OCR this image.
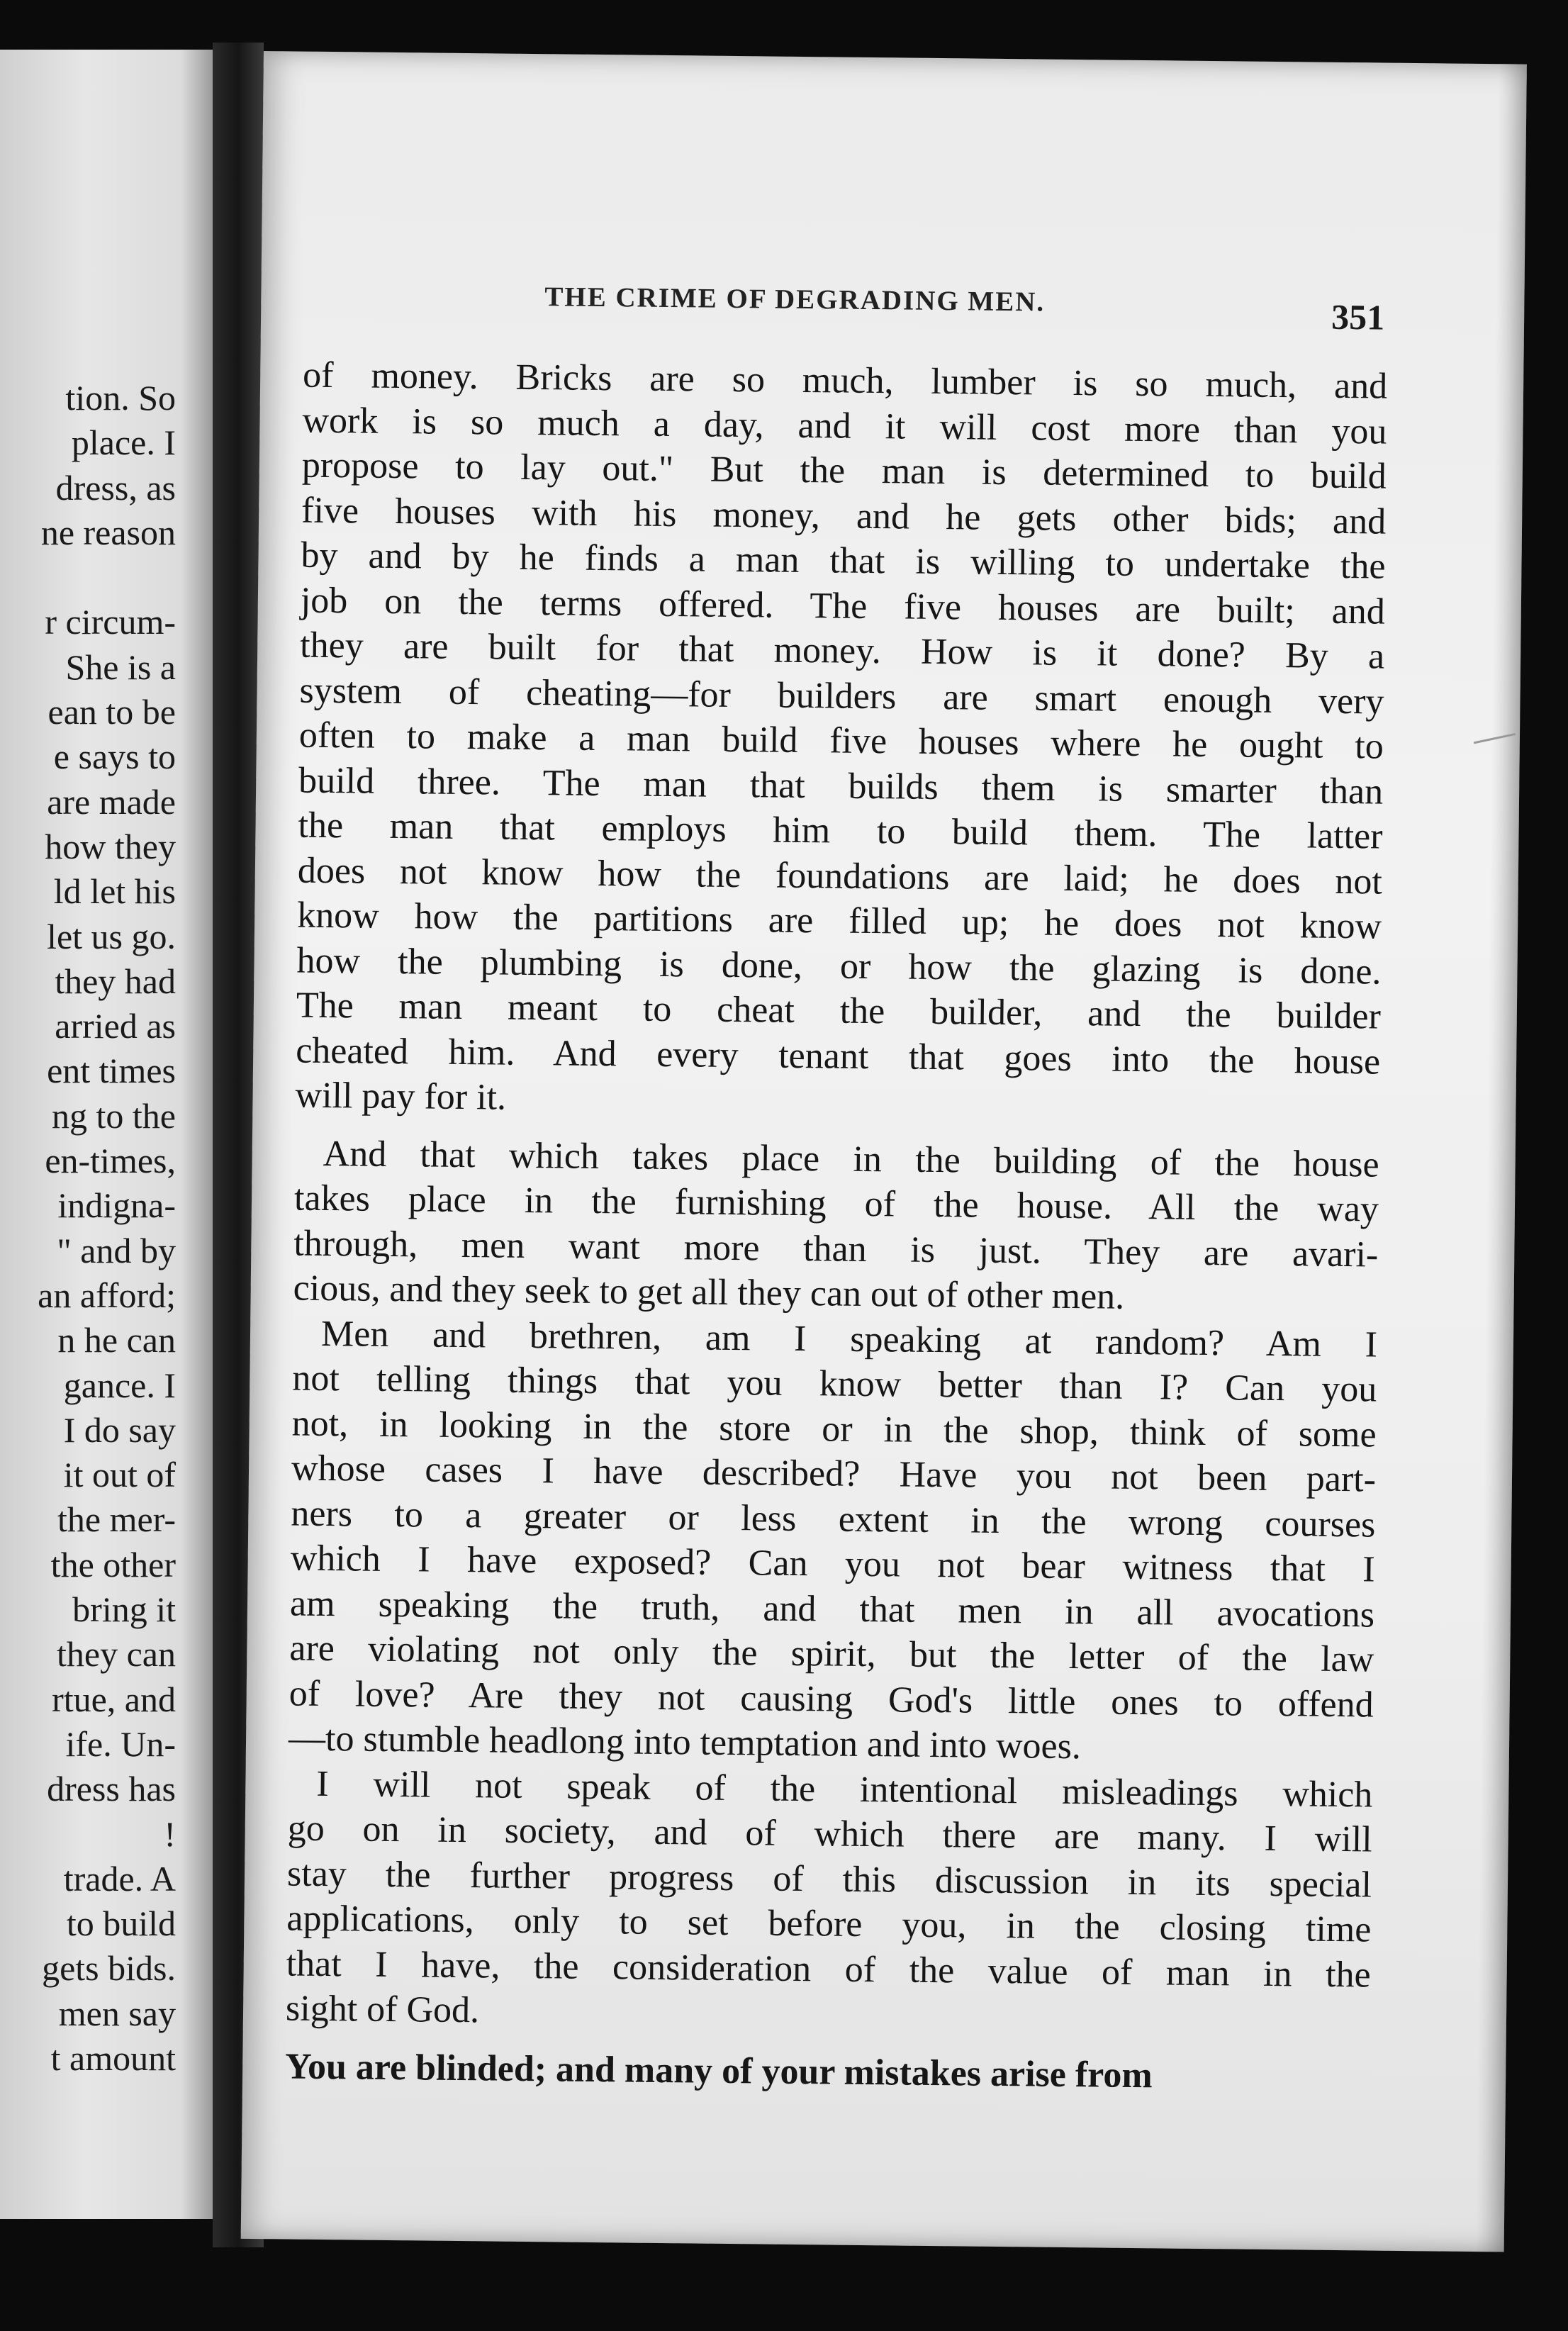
tion. So
place. I
dress, as
ne reason
r circum-
She is a
ean to be
e says to
are made
how they
ld let his
let us go.
they had
arried as
ent times
ng to the
en-times,
indigna-
" and by
an afford;
n he can
gance. I
I do say
it out of
the mer-
the other
bring it
they can
rtue, and
ife. Un-
dress has
!
trade. A
to build
gets bids.
men say
t amount
THE CRIME OF DEGRADING MEN.	351
of money. Bricks are so much, lumber is so much, and
work is so much a day, and it will cost more than you
propose to lay out." But the man is determined to build
five houses with his money, and he gets other bids; and
by and by he finds a man that is willing to undertake the
job on the terms offered. The five houses are built; and
they are built for that money. How is it done? By a
system of cheating—for builders are smart enough very
often to make a man build five houses where he ought to
build three. The man that builds them is smarter than
the man that employs him to build them. The latter
does not know how the foundations are laid; he does not
know how the partitions are filled up; he does not know
how the plumbing is done, or how the glazing is done.
The man meant to cheat the builder, and the builder
cheated him. And every tenant that goes into the house
will pay for it.
And that which takes place in the building of the house
takes place in the furnishing of the house. All the way
through, men want more than is just. They are avari-
cious, and they seek to get all they can out of other men.
Men and brethren, am I speaking at random? Am I
not telling things that you know better than I? Can you
not, in looking in the store or in the shop, think of some
whose cases I have described? Have you not been part-
ners to a greater or less extent in the wrong courses
which I have exposed? Can you not bear witness that I
am speaking the truth, and that men in all avocations
are violating not only the spirit, but the letter of the law
of love? Are they not causing God's little ones to offend
—to stumble headlong into temptation and into woes.
I will not speak of the intentional misleadings which
go on in society, and of which there are many. I will
stay the further progress of this discussion in its special
applications, only to set before you, in the closing time
that I have, the consideration of the value of man in the
sight of God.
You are blinded; and many of your mistakes arise from
